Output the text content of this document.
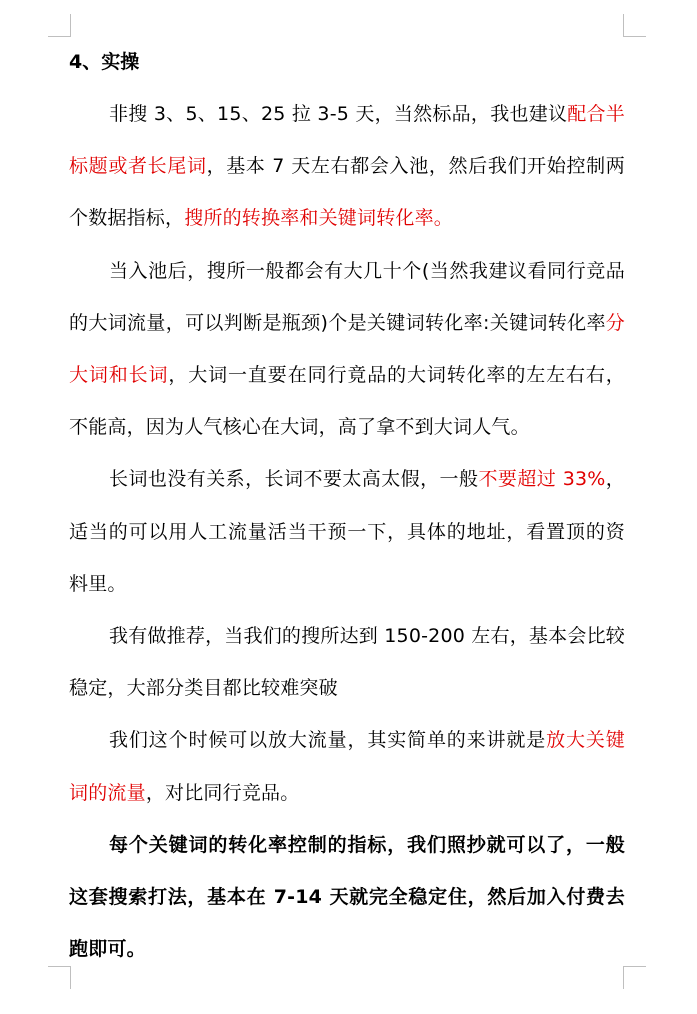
4、实操

非搜 3、5、15、25 拉 3-5 天，当然标品，我也建议配合半标题或者长尾词，基本 7 天左右都会入池，然后我们开始控制两个数据指标，搜所的转换率和关键词转化率。

当入池后，搜所一般都会有大几十个(当然我建议看同行竞品的大词流量，可以判断是瓶颈)个是关键词转化率:关键词转化率分大词和长词，大词一直要在同行竟品的大词转化率的左左右右，不能高，因为人气核心在大词，高了拿不到大词人气。

长词也没有关系，长词不要太高太假，一般不要超过 33%，适当的可以用人工流量活当干预一下，具体的地址，看置顶的资料里。

我有做推荐，当我们的搜所达到 150-200 左右，基本会比较稳定，大部分类目都比较难突破

我们这个时候可以放大流量，其实简单的来讲就是放大关键词的流量，对比同行竞品。

每个关键词的转化率控制的指标，我们照抄就可以了，一般这套搜索打法，基本在 7-14 天就完全稳定住，然后加入付费去跑即可。
